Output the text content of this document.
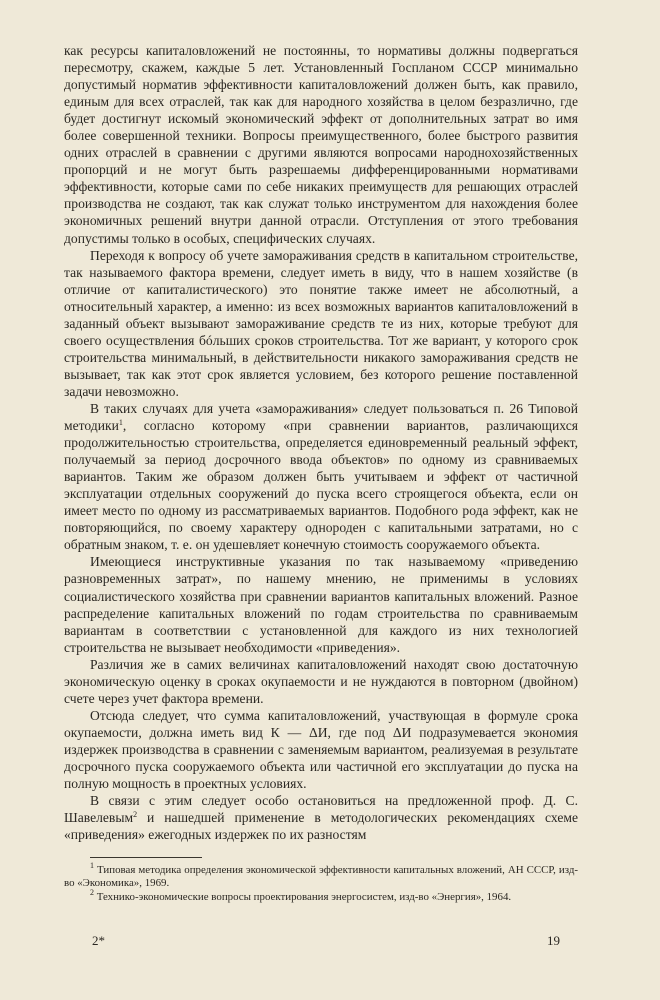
как ресурсы капиталовложений не постоянны, то нормативы должны подвергаться пересмотру, скажем, каждые 5 лет. Установленный Госпланом СССР минимально допустимый норматив эффективности капиталовложений должен быть, как правило, единым для всех отраслей, так как для народного хозяйства в целом безразлично, где будет достигнут искомый экономический эффект от дополнительных затрат во имя более совершенной техники. Вопросы преимущественного, более быстрого развития одних отраслей в сравнении с другими являются вопросами народнохозяйственных пропорций и не могут быть разрешаемы дифференцированными нормативами эффективности, которые сами по себе никаких преимуществ для решающих отраслей производства не создают, так как служат только инструментом для нахождения более экономичных решений внутри данной отрасли. Отступления от этого требования допустимы только в особых, специфических случаях.

Переходя к вопросу об учете замораживания средств в капитальном строительстве, так называемого фактора времени, следует иметь в виду, что в нашем хозяйстве (в отличие от капиталистического) это понятие также имеет не абсолютный, а относительный характер, а именно: из всех возможных вариантов капиталовложений в заданный объект вызывают замораживание средств те из них, которые требуют для своего осуществления бóльших сроков строительства. Тот же вариант, у которого срок строительства минимальный, в действительности никакого замораживания средств не вызывает, так как этот срок является условием, без которого решение поставленной задачи невозможно.

В таких случаях для учета «замораживания» следует пользоваться п. 26 Типовой методики$^1$, согласно которому «при сравнении вариантов, различающихся продолжительностью строительства, определяется единовременный реальный эффект, получаемый за период досрочного ввода объектов» по одному из сравниваемых вариантов. Таким же образом должен быть учитываем и эффект от частичной эксплуатации отдельных сооружений до пуска всего строящегося объекта, если он имеет место по одному из рассматриваемых вариантов. Подобного рода эффект, как не повторяющийся, по своему характеру однороден с капитальными затратами, но с обратным знаком, т. е. он удешевляет конечную стоимость сооружаемого объекта.

Имеющиеся инструктивные указания по так называемому «приведению разновременных затрат», по нашему мнению, не применимы в условиях социалистического хозяйства при сравнении вариантов капитальных вложений. Разное распределение капитальных вложений по годам строительства по сравниваемым вариантам в соответствии с установленной для каждого из них технологией строительства не вызывает необходимости «приведения».

Различия же в самих величинах капиталовложений находят свою достаточную экономическую оценку в сроках окупаемости и не нуждаются в повторном (двойном) счете через учет фактора времени.

Отсюда следует, что сумма капиталовложений, участвующая в формуле срока окупаемости, должна иметь вид К — ΔИ, где под ΔИ подразумевается экономия издержек производства в сравнении с заменяемым вариантом, реализуемая в результате досрочного пуска сооружаемого объекта или частичной его эксплуатации до пуска на полную мощность в проектных условиях.

В связи с этим следует особо остановиться на предложенной проф. Д. С. Шавелевым$^2$ и нашедшей применение в методологических рекомендациях схеме «приведения» ежегодных издержек по их разностям

$^1$ Типовая методика определения экономической эффективности капитальных вложений, АН СССР, изд-во «Экономика», 1969.

$^2$ Технико-экономические вопросы проектирования энергосистем, изд-во «Энергия», 1964.

2*	19
